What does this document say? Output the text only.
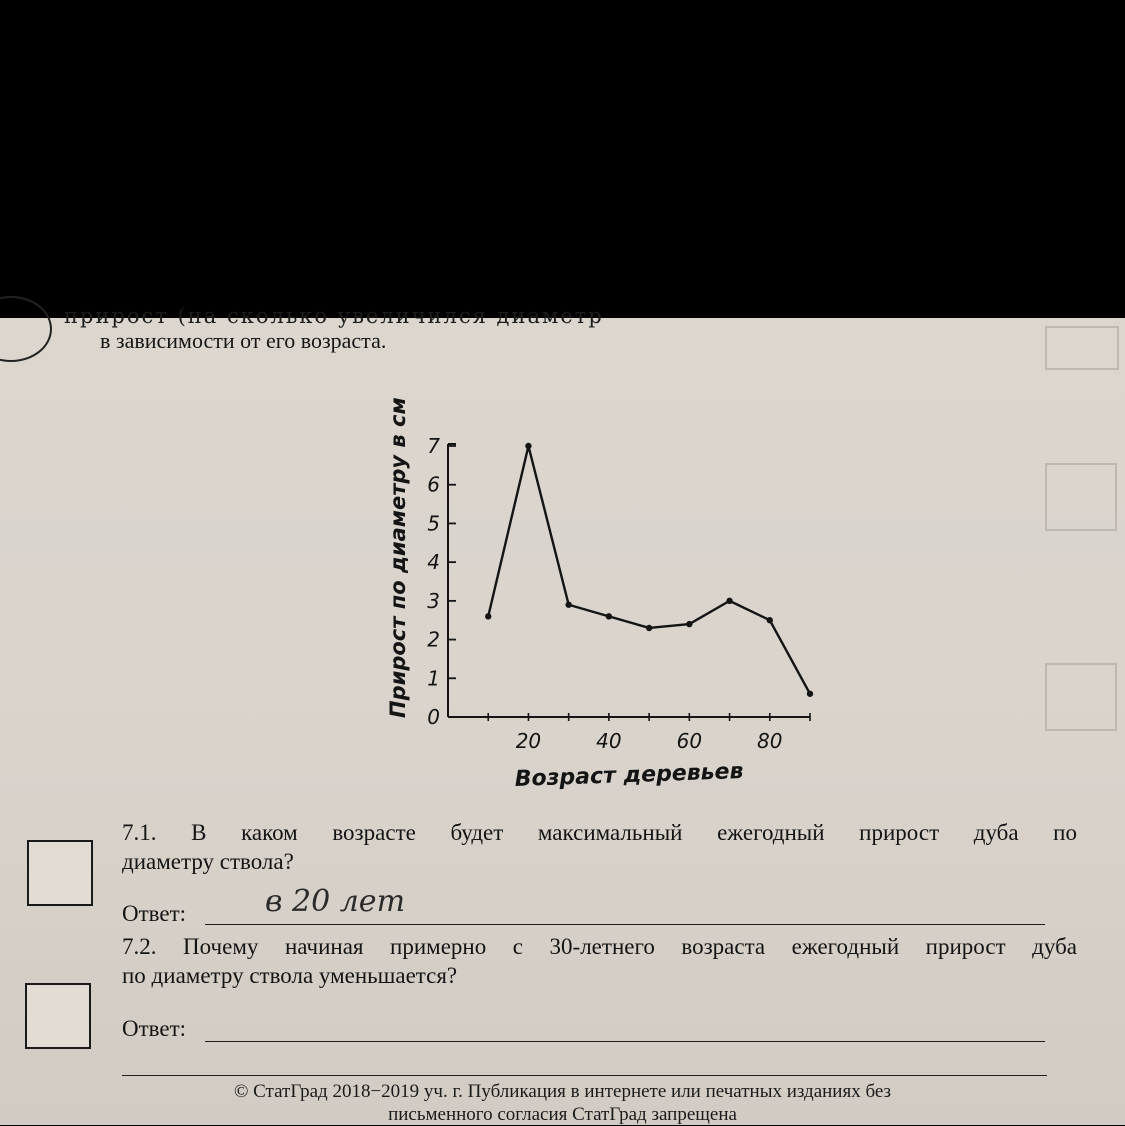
прирост (на сколько увеличился диаметр
в зависимости от его возраста.
0
1
2
3
4
5
6
7
20	40	60	80
Прирост по диаметру в см
Возраст деревьев
7.1. В каком возрасте будет максимальный ежегодный прирост дуба по
диаметру ствола?
Ответ:	в 20 лет
7.2. Почему начиная примерно с 30-летнего возраста ежегодный прирост дуба
по диаметру ствола уменьшается?
Ответ:
© СтатГрад 2018−2019 уч. г. Публикация в интернете или печатных изданиях без
письменного согласия СтатГрад запрещена
